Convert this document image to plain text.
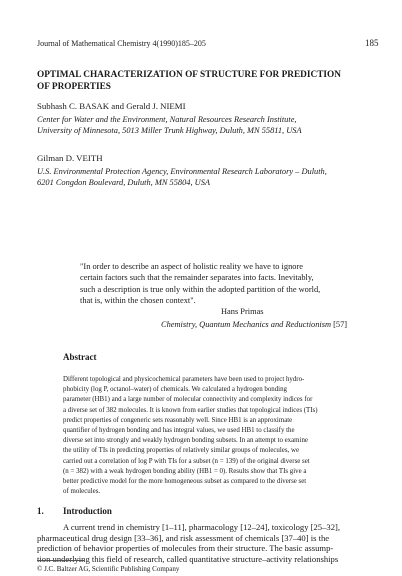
Journal of Mathematical Chemistry 4(1990)185–205	185
OPTIMAL CHARACTERIZATION OF STRUCTURE FOR PREDICTION
OF PROPERTIES
Subhash C. BASAK and Gerald J. NIEMI
Center for Water and the Environment, Natural Resources Research Institute,
University of Minnesota, 5013 Miller Trunk Highway, Duluth, MN 55811, USA
Gilman D. VEITH
U.S. Environmental Protection Agency, Environmental Research Laboratory – Duluth,
6201 Congdon Boulevard, Duluth, MN 55804, USA
"In order to describe an aspect of holistic reality we have to ignore
certain factors such that the remainder separates into facts. Inevitably,
such a description is true only within the adopted partition of the world,
that is, within the chosen context".
Hans Primas
Chemistry, Quantum Mechanics and Reductionism [57]
Abstract
Different topological and physicochemical parameters have been used to project hydro-
phobicity (log P, octanol–water) of chemicals. We calculated a hydrogen bonding
parameter (HB1) and a large number of molecular connectivity and complexity indices for
a diverse set of 382 molecules. It is known from earlier studies that topological indices (TIs)
predict properties of congeneric sets reasonably well. Since HB1 is an approximate
quantifier of hydrogen bonding and has integral values, we used HB1 to classify the
diverse set into strongly and weakly hydrogen bonding subsets. In an attempt to examine
the utility of TIs in predicting properties of relatively similar groups of molecules, we
carried out a correlation of log P with TIs for a subset (n = 139) of the original diverse set
(n = 382) with a weak hydrogen bonding ability (HB1 = 0). Results show that TIs give a
better predictive model for the more homogeneous subset as compared to the diverse set
of molecules.
1. Introduction
A current trend in chemistry [1–11], pharmacology [12–24], toxicology [25–32],
pharmaceutical drug design [33–36], and risk assessment of chemicals [37–40] is the
prediction of behavior properties of molecules from their structure. The basic assump-
tion underlying this field of research, called quantitative structure–activity relationships
© J.C. Baltzer AG, Scientific Publishing Company
